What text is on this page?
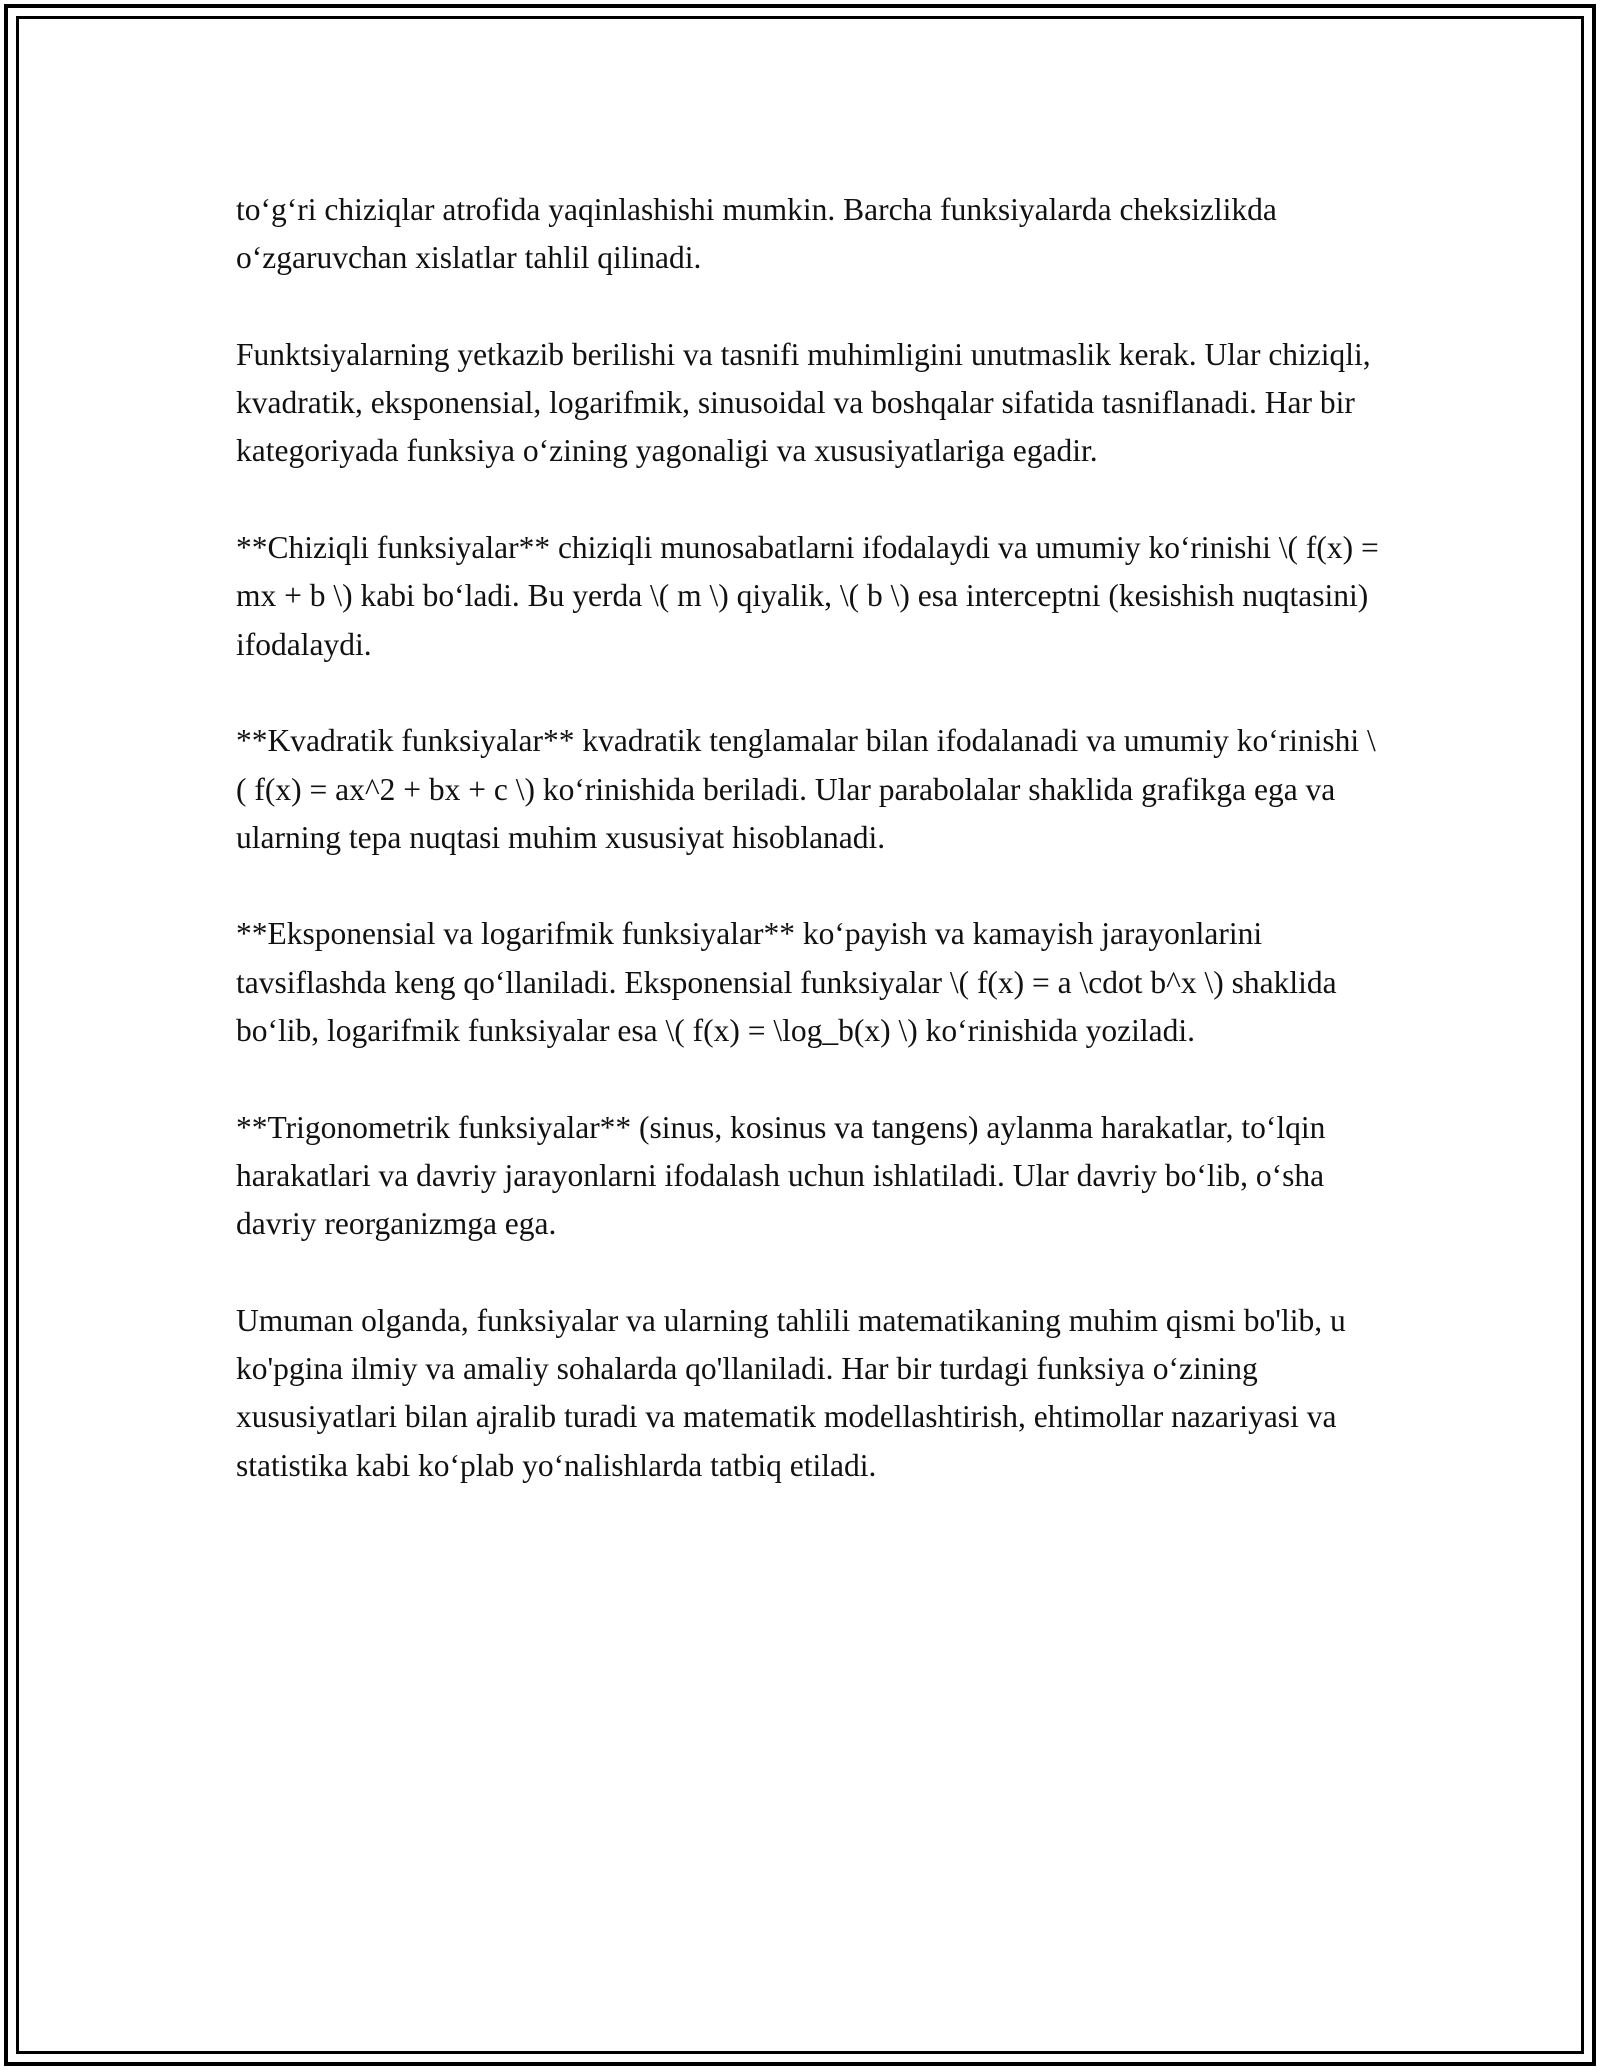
to‘g‘ri chiziqlar atrofida yaqinlashishi mumkin. Barcha funksiyalarda cheksizlikda o‘zgaruvchan xislatlar tahlil qilinadi.

Funktsiyalarning yetkazib berilishi va tasnifi muhimligini unutmaslik kerak. Ular chiziqli, kvadratik, eksponensial, logarifmik, sinusoidal va boshqalar sifatida tasniflanadi. Har bir kategoriyada funksiya o‘zining yagonaligi va xususiyatlariga egadir.

**Chiziqli funksiyalar** chiziqli munosabatlarni ifodalaydi va umumiy ko‘rinishi \( f(x) = mx + b \) kabi bo‘ladi. Bu yerda \( m \) qiyalik, \( b \) esa interceptni (kesishish nuqtasini) ifodalaydi.

**Kvadratik funksiyalar** kvadratik tenglamalar bilan ifodalanadi va umumiy ko‘rinishi \( f(x) = ax^2 + bx + c \) ko‘rinishida beriladi. Ular parabolalar shaklida grafikga ega va ularning tepa nuqtasi muhim xususiyat hisoblanadi.

**Eksponensial va logarifmik funksiyalar** ko‘payish va kamayish jarayonlarini tavsiflashda keng qo‘llaniladi. Eksponensial funksiyalar \( f(x) = a \cdot b^x \) shaklida bo‘lib, logarifmik funksiyalar esa \( f(x) = \log_b(x) \) ko‘rinishida yoziladi.

**Trigonometrik funksiyalar** (sinus, kosinus va tangens) aylanma harakatlar, to‘lqin harakatlari va davriy jarayonlarni ifodalash uchun ishlatiladi. Ular davriy bo‘lib, o‘sha davriy reorganizmga ega.

Umuman olganda, funksiyalar va ularning tahlili matematikaning muhim qismi bo'lib, u ko'pgina ilmiy va amaliy sohalarda qo'llaniladi. Har bir turdagi funksiya o‘zining xususiyatlari bilan ajralib turadi va matematik modellashtirish, ehtimollar nazariyasi va statistika kabi ko‘plab yo‘nalishlarda tatbiq etiladi.
